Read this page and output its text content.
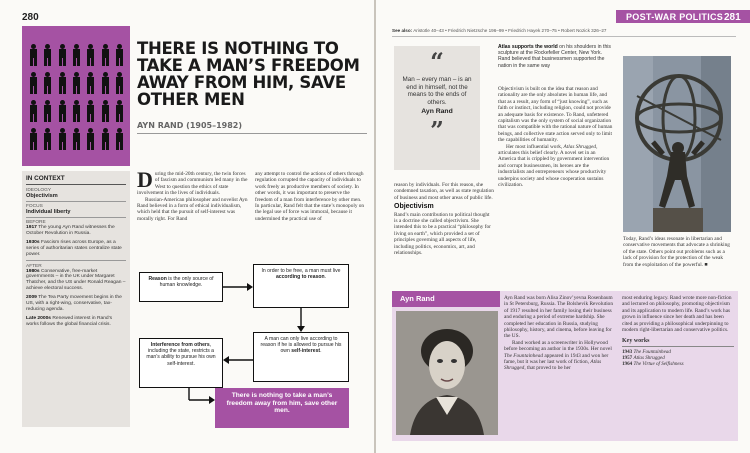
280
THERE IS NOTHING TO TAKE A MAN’S FREEDOM AWAY FROM HIM, SAVE OTHER MEN
AYN RAND (1905–1982)
IN CONTEXT
IDEOLOGY
Objectivism
FOCUS
Individual liberty
BEFORE
1917 The young Ayn Rand witnesses the October Revolution in Russia.
1930s Fascism rises across Europe, as a series of authoritarian states centralize state power.
AFTER
1980s Conservative, free-market governments – in the UK under Margaret Thatcher, and the US under Ronald Reagan – achieve electoral success.
2009 The Tea Party movement begins in the US, with a right-wing, conservative, tax-reducing agenda.
Late 2000s Renewed interest in Rand’s works follows the global financial crisis.
D uring the mid-20th century, the twin forces of fascism and communism led many in the West to question the ethics of state involvement in the lives of individuals.

Russian-American philosopher and novelist Ayn Rand believed in a form of ethical individualism, which held that the pursuit of self-interest was morally right. For Rand

any attempt to control the actions of others through regulation corrupted the capacity of individuals to work freely as productive members of society. In other words, it was important to preserve the freedom of a man from interference by other men. In particular, Rand felt that the state’s monopoly on the legal use of force was immoral, because it undermined the practical use of

Reason is the only source of human knowledge.
In order to be free, a man must live according to reason.
Interference from others, including the state, restricts a man’s ability to pursue his own self-interest.
A man can only live according to reason if he is allowed to pursue his own self-interest.
There is nothing to take a man’s freedom away from him, save other men.
POST-WAR POLITICS 281
See also: Aristotle 40–43 • Friedrich Nietzsche 196–99 • Friedrich Hayek 270–75 • Robert Nozick 326–27
“
Man – every man – is an end in himself, not the means to the ends of others.
Ayn Rand
”

reason by individuals. For this reason, she condemned taxation, as well as state regulation of business and most other areas of public life.

Objectivism

Rand’s main contribution to political thought is a doctrine she called objectivism. She intended this to be a practical “philosophy for living on earth”, which provided a set of principles governing all aspects of life, including politics, economics, art, and relationships.

Atlas supports the world on his shoulders in this sculpture at the Rockefeller Center, New York. Rand believed that businessmen supported the nation in the same way

Objectivism is built on the idea that reason and rationality are the only absolutes in human life, and that as a result, any form of “just knowing”, such as faith or instinct, including religion, could not provide an adequate basis for existence. To Rand, unfettered capitalism was the only system of social organization that was compatible with the rational nature of human beings, and collective state action served only to limit the capabilities of humanity.

Her most influential work, Atlas Shrugged, articulates this belief clearly. A novel set in an America that is crippled by government intervention and corrupt businessmen, its heroes are the industrialists and entrepreneurs whose productivity underpins society and whose cooperation sustains civilization.

Today, Rand’s ideas resonate in libertarian and conservative movements that advocate a shrinking of the state. Others point out problems such as a lack of provision for the protection of the weak from the exploitation of the powerful. ■

Ayn Rand	Ayn Rand was born Alisa Zinov’yevna Rosenbaum in St Petersburg, Russia. The Bolshevik Revolution of 1917 resulted in her family losing their business and enduring a period of extreme hardship. She completed her education in Russia, studying philosophy, history, and cinema, before leaving for the US.

Rand worked as a screenwriter in Hollywood before becoming an author in the 1930s. Her novel The Fountainhead appeared in 1943 and won her fame, but it was her last work of fiction, Atlas Shrugged, that proved to be her

most enduring legacy. Rand wrote more non-fiction and lectured on philosophy, promoting objectivism and its application to modern life. Rand’s work has grown in influence since her death and has been cited as providing a philosophical underpinning to modern right-libertarian and conservative politics.

Key works
1943 The Fountainhead
1957 Atlas Shrugged
1964 The Virtue of Selfishness
